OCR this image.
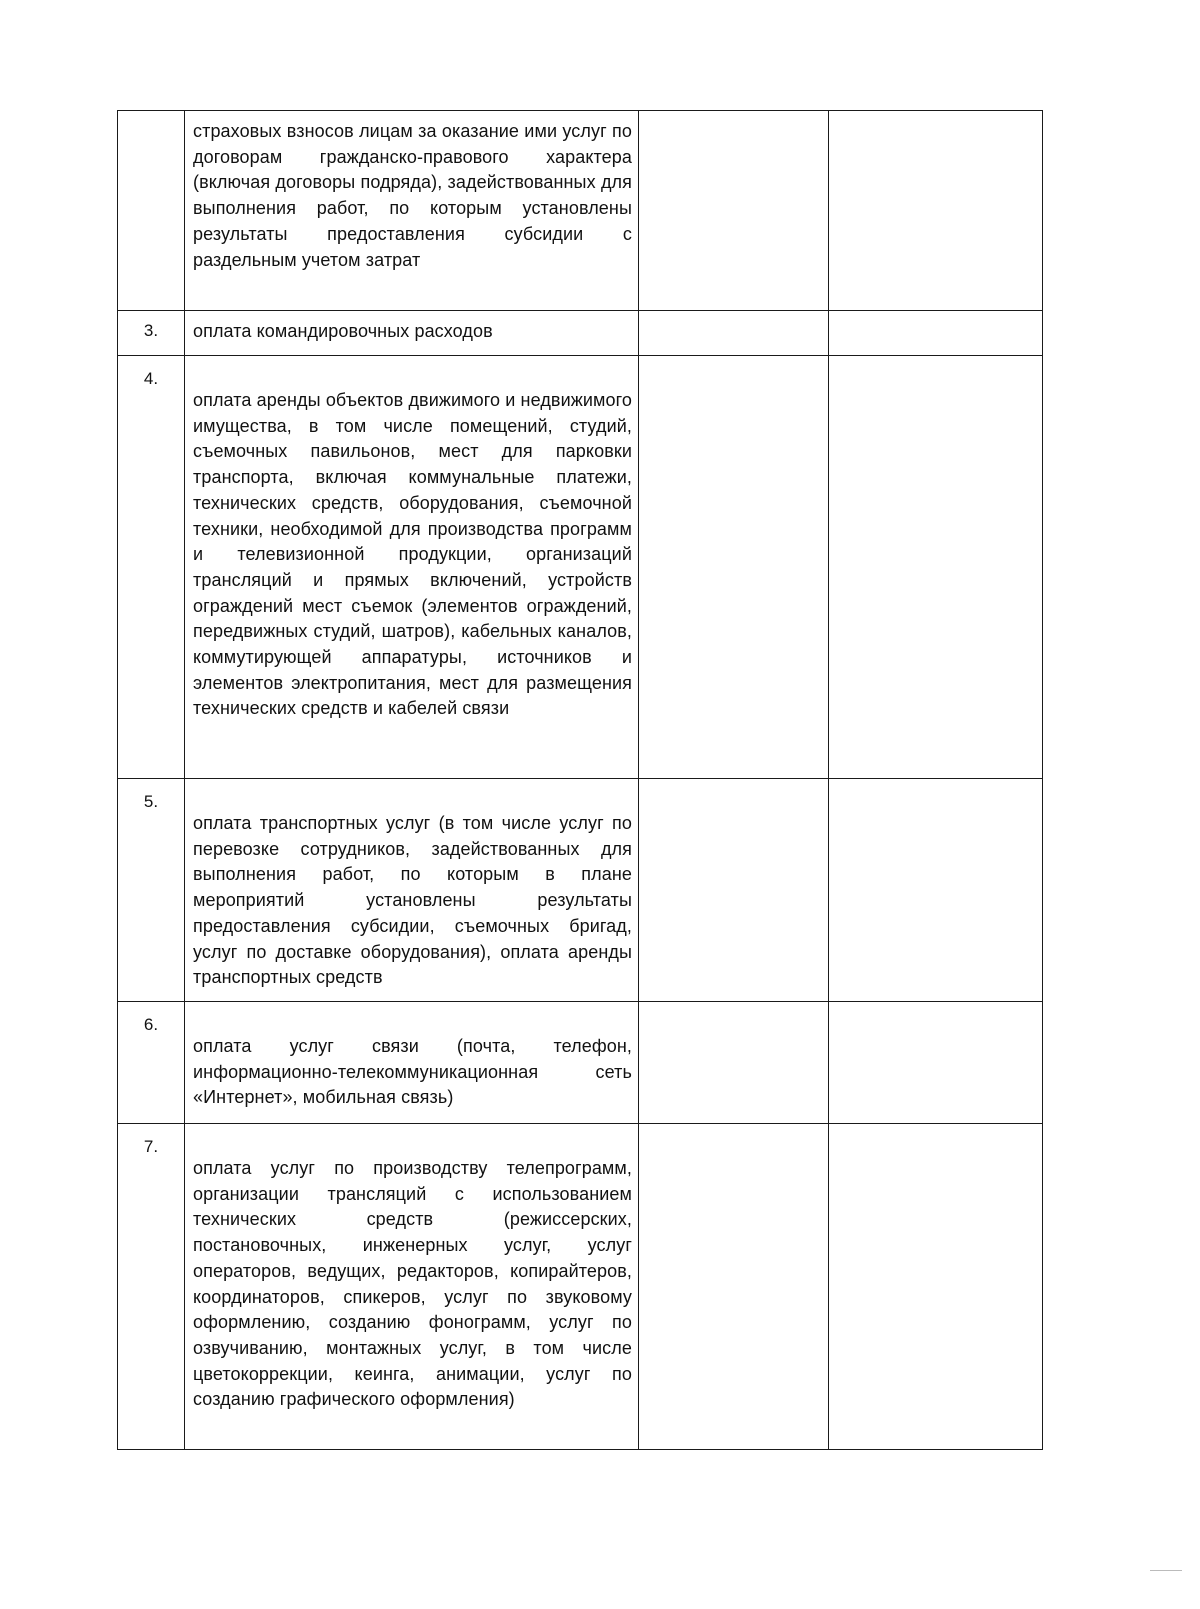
	страховых взносов лицам за оказание ими услуг по договорам гражданско-правового характера (включая договоры подряда), задействованных для выполнения работ, по которым установлены результаты предоставления субсидии с раздельным учетом затрат		

3.	оплата командировочных расходов		

4.	оплата аренды объектов движимого и недвижимого имущества, в том числе помещений, студий, съемочных павильонов, мест для парковки транспорта, включая коммунальные платежи, технических средств, оборудования, съемочной техники, необходимой для производства программ и телевизионной продукции, организаций трансляций и прямых включений, устройств ограждений мест съемок (элементов ограждений, передвижных студий, шатров), кабельных каналов, коммутирующей аппаратуры, источников и элементов электропитания, мест для размещения технических средств и кабелей связи		

5.	оплата транспортных услуг (в том числе услуг по перевозке сотрудников, задействованных для выполнения работ, по которым в плане мероприятий установлены результаты предоставления субсидии, съемочных бригад, услуг по доставке оборудования), оплата аренды транспортных средств		

6.	оплата услуг связи (почта, телефон, информационно-телекоммуникационная сеть «Интернет», мобильная связь)		

7.	оплата услуг по производству телепрограмм, организации трансляций с использованием технических средств (режиссерских, постановочных, инженерных услуг, услуг операторов, ведущих, редакторов, копирайтеров, координаторов, спикеров, услуг по звуковому оформлению, созданию фонограмм, услуг по озвучиванию, монтажных услуг, в том числе цветокоррекции, кеинга, анимации, услуг по созданию графического оформления)		
